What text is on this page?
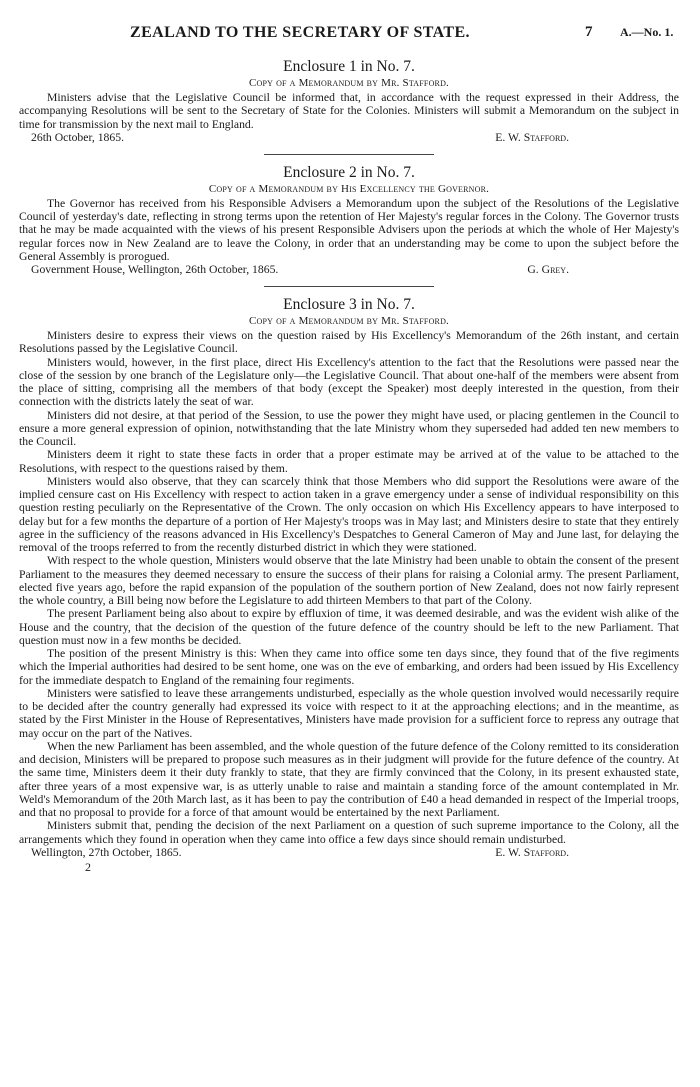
ZEALAND TO THE SECRETARY OF STATE.	7 A.—No. 1.

Enclosure 1 in No. 7.

Copy of a Memorandum by Mr. Stafford.

Ministers advise that the Legislative Council be informed that, in accordance with the request expressed in their Address, the accompanying Resolutions will be sent to the Secretary of State for the Colonies. Ministers will submit a Memorandum on the subject in time for transmission by the next mail to England.

26th October, 1865.	E. W. Stafford.

Enclosure 2 in No. 7.

Copy of a Memorandum by His Excellency the Governor.

The Governor has received from his Responsible Advisers a Memorandum upon the subject of the Resolutions of the Legislative Council of yesterday's date, reflecting in strong terms upon the retention of Her Majesty's regular forces in the Colony. The Governor trusts that he may be made acquainted with the views of his present Responsible Advisers upon the periods at which the whole of Her Majesty's regular forces now in New Zealand are to leave the Colony, in order that an understanding may be come to upon the subject before the General Assembly is prorogued.

Government House, Wellington, 26th October, 1865.	G. Grey.

Enclosure 3 in No. 7.

Copy of a Memorandum by Mr. Stafford.

Ministers desire to express their views on the question raised by His Excellency's Memorandum of the 26th instant, and certain Resolutions passed by the Legislative Council.

Ministers would, however, in the first place, direct His Excellency's attention to the fact that the Resolutions were passed near the close of the session by one branch of the Legislature only—the Legislative Council. That about one-half of the members were absent from the place of sitting, comprising all the members of that body (except the Speaker) most deeply interested in the question, from their connection with the districts lately the seat of war.

Ministers did not desire, at that period of the Session, to use the power they might have used, or placing gentlemen in the Council to ensure a more general expression of opinion, notwithstanding that the late Ministry whom they superseded had added ten new members to the Council.

Ministers deem it right to state these facts in order that a proper estimate may be arrived at of the value to be attached to the Resolutions, with respect to the questions raised by them.

Ministers would also observe, that they can scarcely think that those Members who did support the Resolutions were aware of the implied censure cast on His Excellency with respect to action taken in a grave emergency under a sense of individual responsibility on this question resting peculiarly on the Representative of the Crown. The only occasion on which His Excellency appears to have interposed to delay but for a few months the departure of a portion of Her Majesty's troops was in May last; and Ministers desire to state that they entirely agree in the sufficiency of the reasons advanced in His Excellency's Despatches to General Cameron of May and June last, for delaying the removal of the troops referred to from the recently disturbed district in which they were stationed.

With respect to the whole question, Ministers would observe that the late Ministry had been unable to obtain the consent of the present Parliament to the measures they deemed necessary to ensure the success of their plans for raising a Colonial army. The present Parliament, elected five years ago, before the rapid expansion of the population of the southern portion of New Zealand, does not now fairly represent the whole country, a Bill being now before the Legislature to add thirteen Members to that part of the Colony.

The present Parliament being also about to expire by effluxion of time, it was deemed desirable, and was the evident wish alike of the House and the country, that the decision of the question of the future defence of the country should be left to the new Parliament. That question must now in a few months be decided.

The position of the present Ministry is this: When they came into office some ten days since, they found that of the five regiments which the Imperial authorities had desired to be sent home, one was on the eve of embarking, and orders had been issued by His Excellency for the immediate despatch to England of the remaining four regiments.

Ministers were satisfied to leave these arrangements undisturbed, especially as the whole question involved would necessarily require to be decided after the country generally had expressed its voice with respect to it at the approaching elections; and in the meantime, as stated by the First Minister in the House of Representatives, Ministers have made provision for a sufficient force to repress any outrage that may occur on the part of the Natives.

When the new Parliament has been assembled, and the whole question of the future defence of the Colony remitted to its consideration and decision, Ministers will be prepared to propose such measures as in their judgment will provide for the future defence of the country. At the same time, Ministers deem it their duty frankly to state, that they are firmly convinced that the Colony, in its present exhausted state, after three years of a most expensive war, is as utterly unable to raise and maintain a standing force of the amount contemplated in Mr. Weld's Memorandum of the 20th March last, as it has been to pay the contribution of £40 a head demanded in respect of the Imperial troops, and that no proposal to provide for a force of that amount would be entertained by the next Parliament.

Ministers submit that, pending the decision of the next Parliament on a question of such supreme importance to the Colony, all the arrangements which they found in operation when they came into office a few days since should remain undisturbed.

Wellington, 27th October, 1865.	E. W. Stafford.
2
